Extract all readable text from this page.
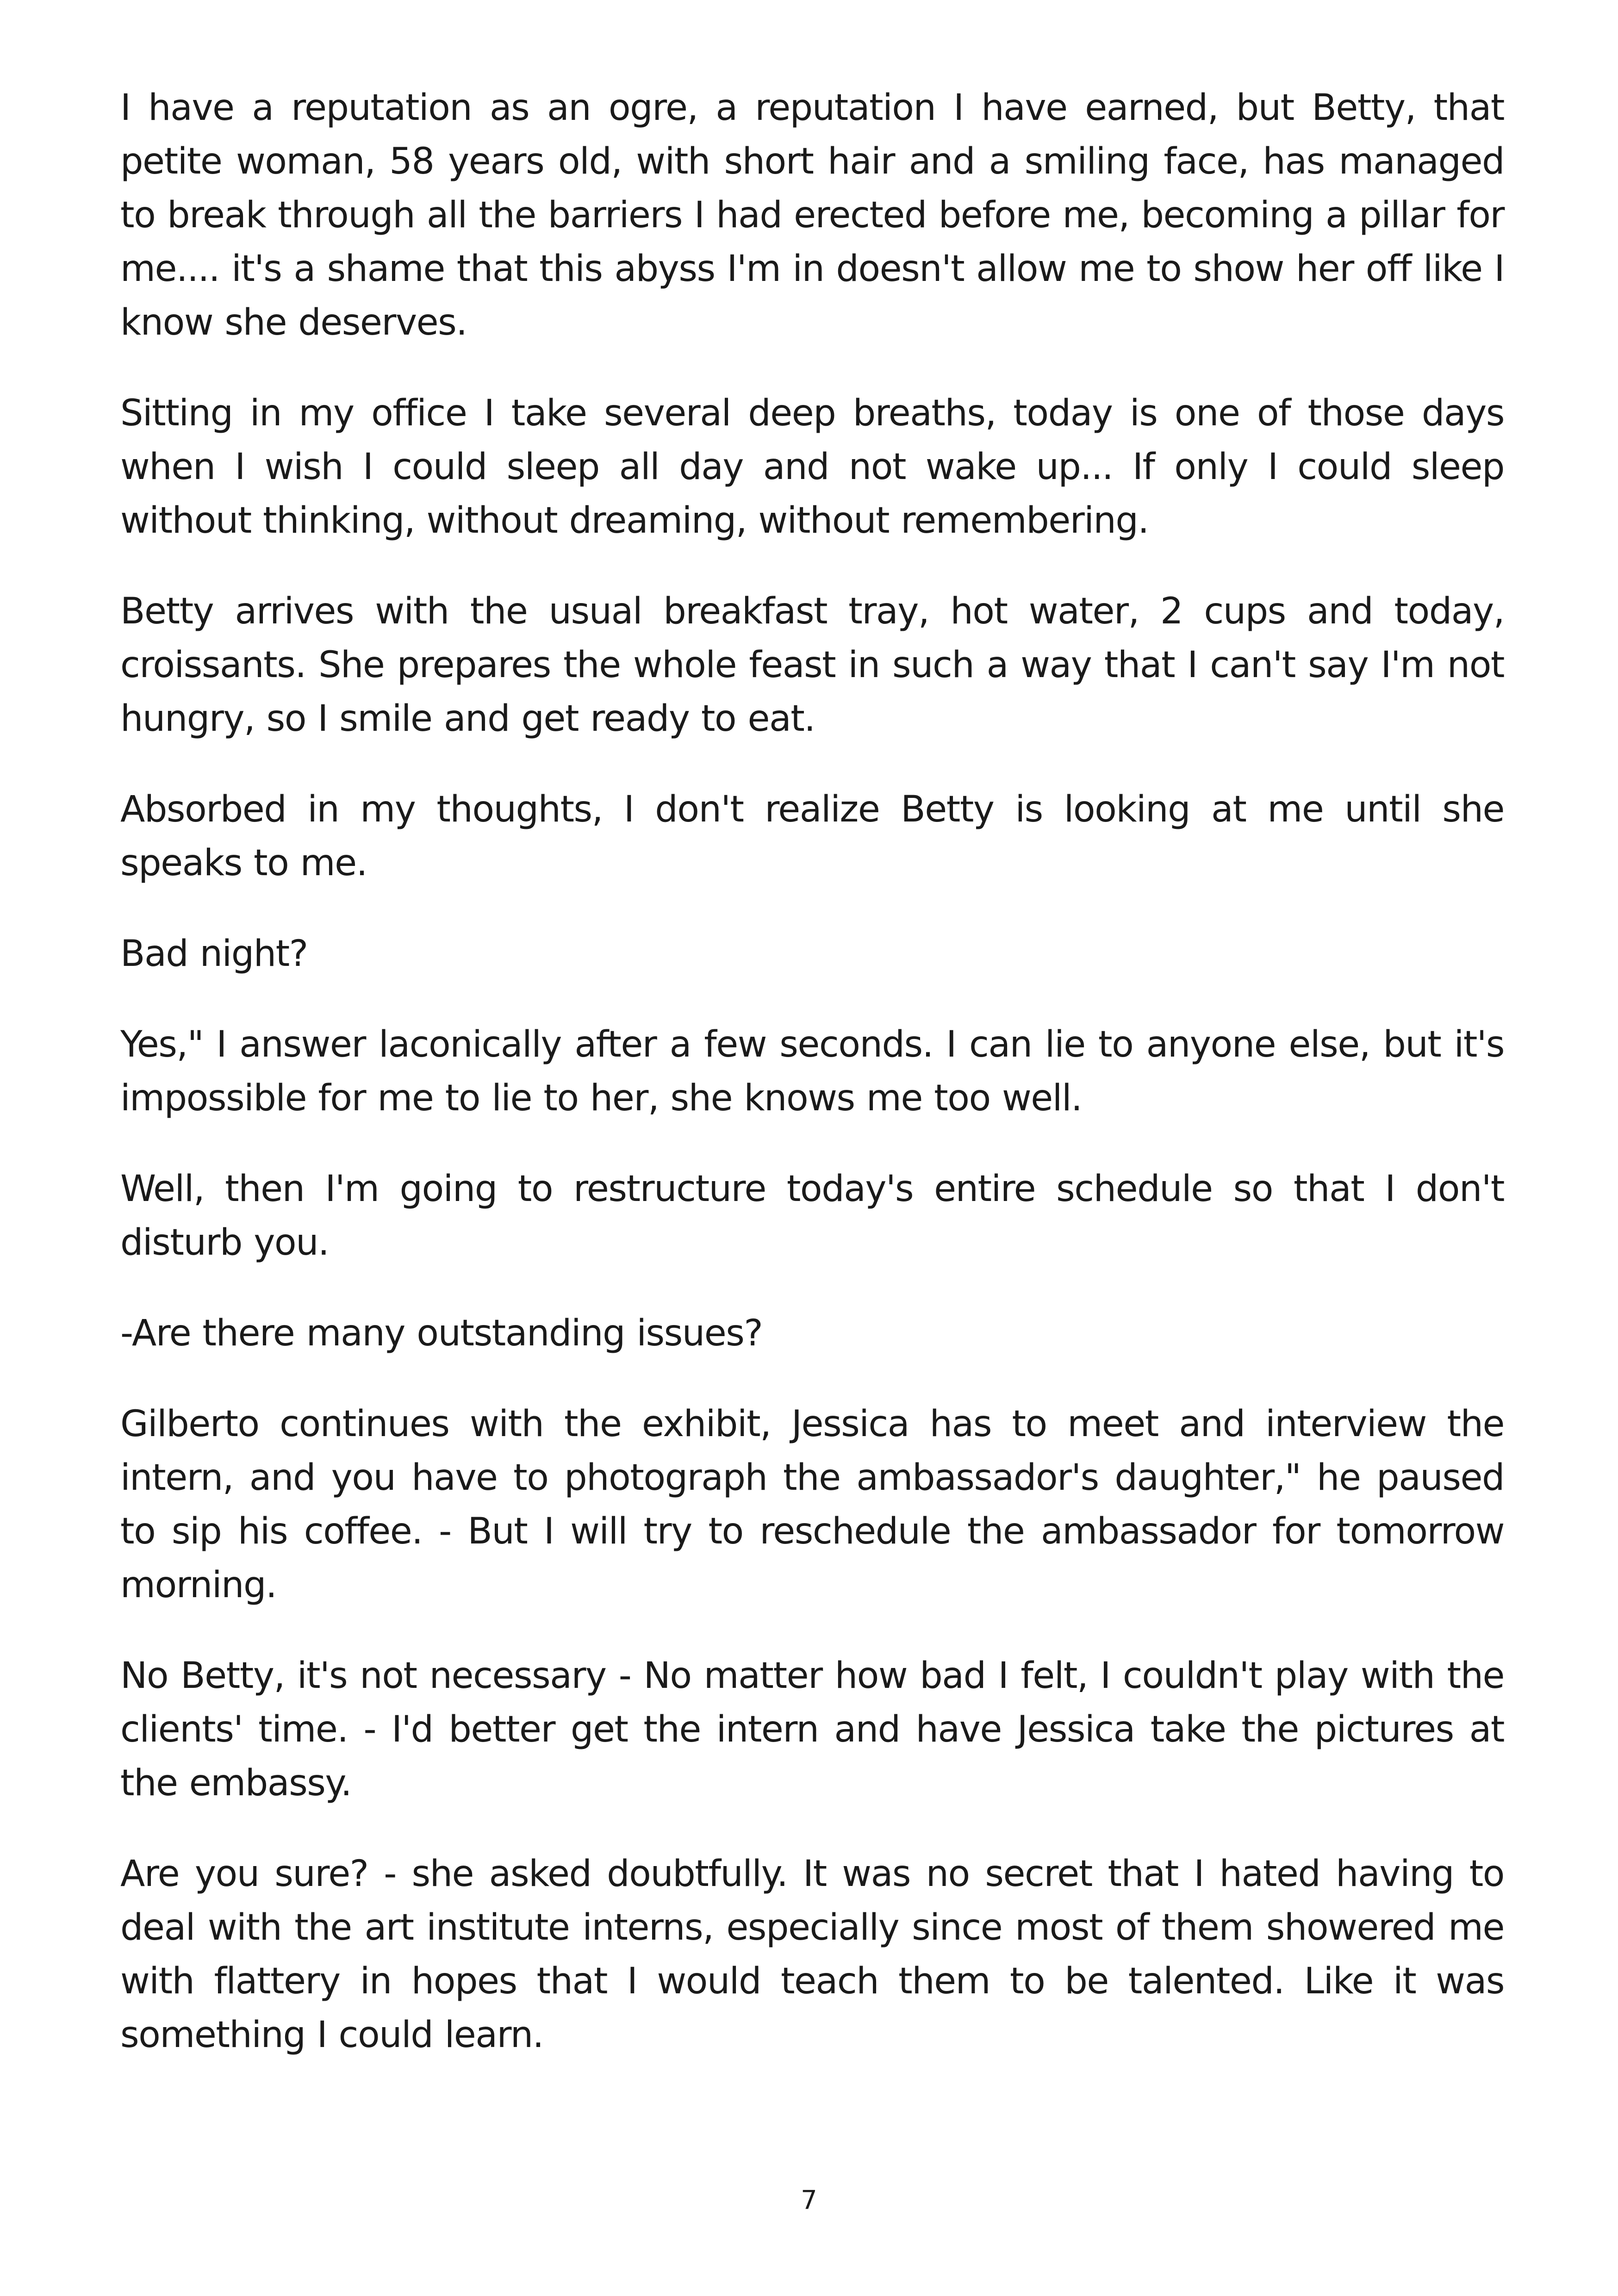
I have a reputation as an ogre, a reputation I have earned, but Betty, that petite woman, 58 years old, with short hair and a smiling face, has managed to break through all the barriers I had erected before me, becoming a pillar for me.... it's a shame that this abyss I'm in doesn't allow me to show her off like I know she deserves.

Sitting in my office I take several deep breaths, today is one of those days when I wish I could sleep all day and not wake up... If only I could sleep without thinking, without dreaming, without remembering.

Betty arrives with the usual breakfast tray, hot water, 2 cups and today, croissants. She prepares the whole feast in such a way that I can't say I'm not hungry, so I smile and get ready to eat.

Absorbed in my thoughts, I don't realize Betty is looking at me until she speaks to me.

Bad night?

Yes," I answer laconically after a few seconds. I can lie to anyone else, but it's impossible for me to lie to her, she knows me too well.

Well, then I'm going to restructure today's entire schedule so that I don't disturb you.

-Are there many outstanding issues?

Gilberto continues with the exhibit, Jessica has to meet and interview the intern, and you have to photograph the ambassador's daughter," he paused to sip his coffee. - But I will try to reschedule the ambassador for tomorrow morning.

No Betty, it's not necessary - No matter how bad I felt, I couldn't play with the clients' time. - I'd better get the intern and have Jessica take the pictures at the embassy.

Are you sure? - she asked doubtfully. It was no secret that I hated having to deal with the art institute interns, especially since most of them showered me with flattery in hopes that I would teach them to be talented. Like it was something I could learn.

7
